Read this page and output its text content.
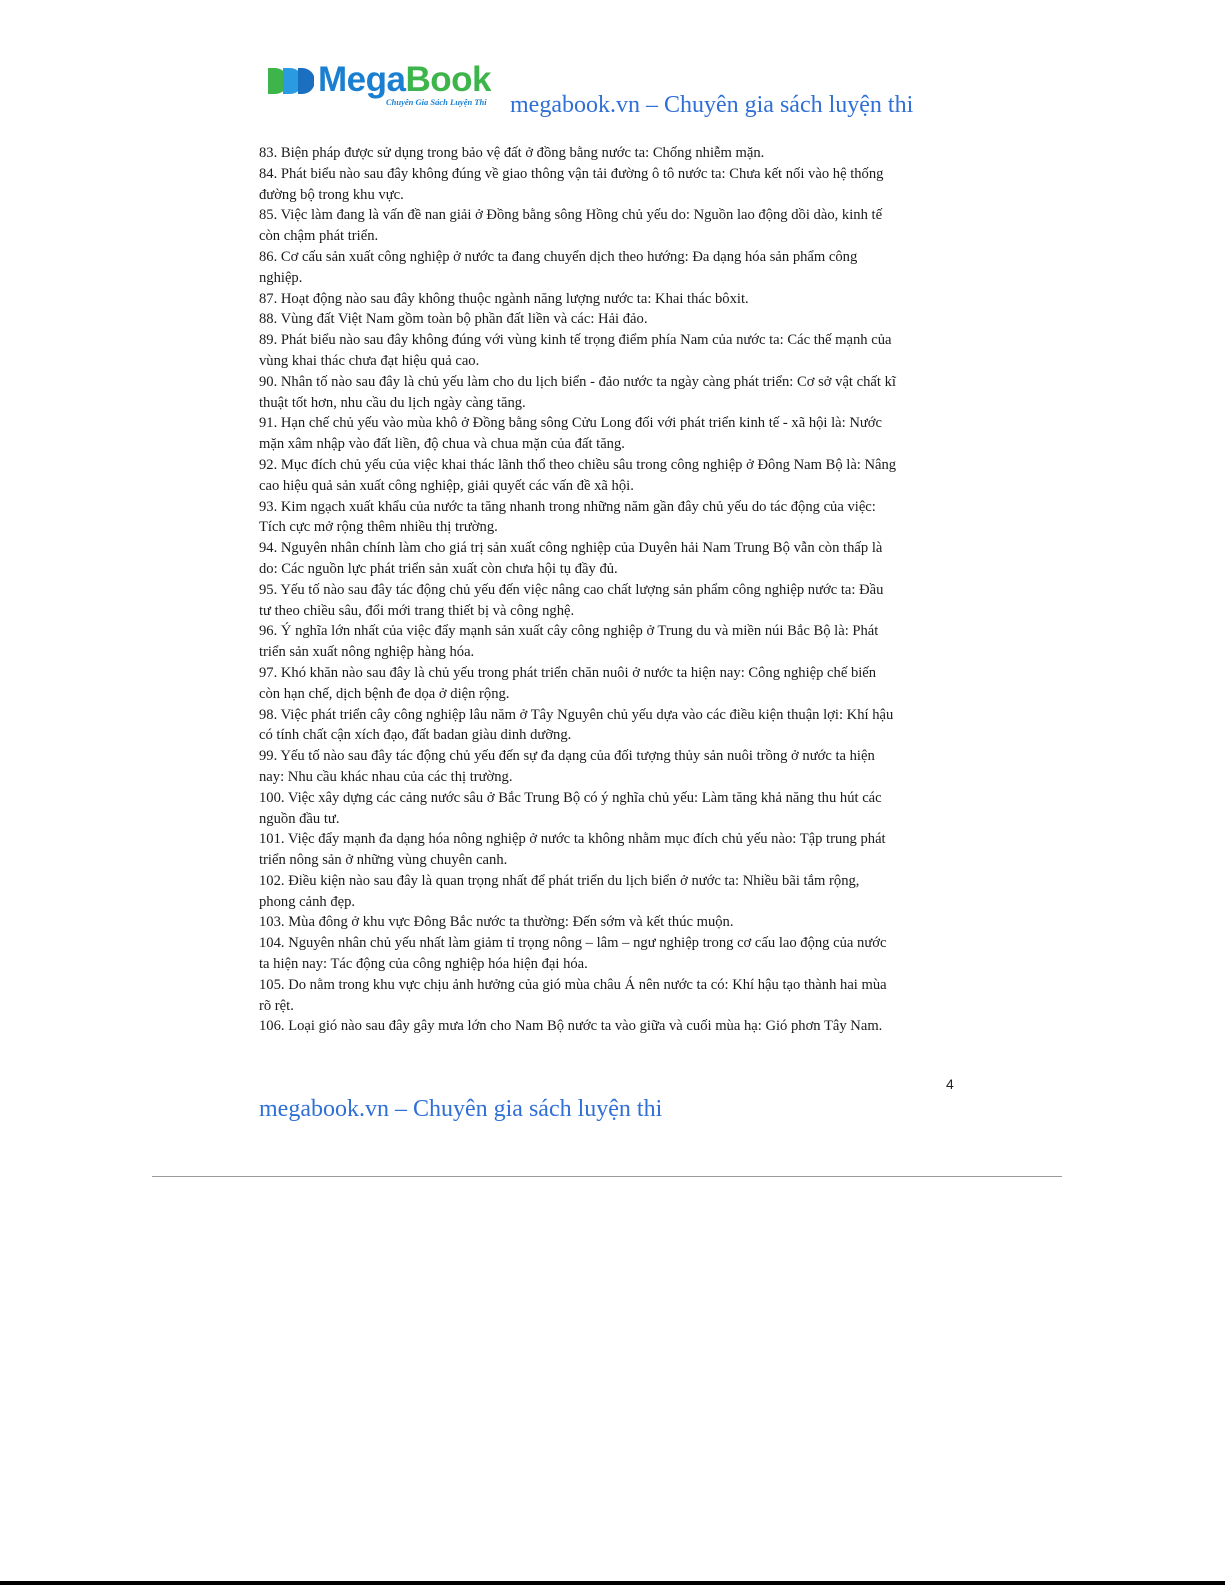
MegaBook
Chuyên Gia Sách Luyện Thi megabook.vn – Chuyên gia sách luyện thi

83. Biện pháp được sử dụng trong bảo vệ đất ở đồng bằng nước ta: Chống nhiễm mặn.

84. Phát biểu nào sau đây không đúng về giao thông vận tải đường ô tô nước ta: Chưa kết nối vào hệ thống đường bộ trong khu vực.

85. Việc làm đang là vấn đề nan giải ở Đồng bằng sông Hồng chủ yếu do: Nguồn lao động dồi dào, kinh tế còn chậm phát triển.

86. Cơ cấu sản xuất công nghiệp ở nước ta đang chuyển dịch theo hướng: Đa dạng hóa sản phẩm công nghiệp.

87. Hoạt động nào sau đây không thuộc ngành năng lượng nước ta: Khai thác bôxit.

88. Vùng đất Việt Nam gồm toàn bộ phần đất liền và các: Hải đảo.

89. Phát biểu nào sau đây không đúng với vùng kinh tế trọng điểm phía Nam của nước ta: Các thế mạnh của vùng khai thác chưa đạt hiệu quả cao.

90. Nhân tố nào sau đây là chủ yếu làm cho du lịch biển - đảo nước ta ngày càng phát triển: Cơ sở vật chất kĩ thuật tốt hơn, nhu cầu du lịch ngày càng tăng.

91. Hạn chế chủ yếu vào mùa khô ở Đồng bằng sông Cửu Long đối với phát triển kinh tế - xã hội là: Nước mặn xâm nhập vào đất liền, độ chua và chua mặn của đất tăng.

92. Mục đích chủ yếu của việc khai thác lãnh thổ theo chiều sâu trong công nghiệp ở Đông Nam Bộ là: Nâng cao hiệu quả sản xuất công nghiệp, giải quyết các vấn đề xã hội.

93. Kim ngạch xuất khẩu của nước ta tăng nhanh trong những năm gần đây chủ yếu do tác động của việc: Tích cực mở rộng thêm nhiều thị trường.

94. Nguyên nhân chính làm cho giá trị sản xuất công nghiệp của Duyên hải Nam Trung Bộ vẫn còn thấp là do: Các nguồn lực phát triển sản xuất còn chưa hội tụ đầy đủ.

95. Yếu tố nào sau đây tác động chủ yếu đến việc nâng cao chất lượng sản phẩm công nghiệp nước ta: Đầu tư theo chiều sâu, đổi mới trang thiết bị và công nghệ.

96. Ý nghĩa lớn nhất của việc đẩy mạnh sản xuất cây công nghiệp ở Trung du và miền núi Bắc Bộ là: Phát triển sản xuất nông nghiệp hàng hóa.

97. Khó khăn nào sau đây là chủ yếu trong phát triển chăn nuôi ở nước ta hiện nay: Công nghiệp chế biến còn hạn chế, dịch bệnh đe dọa ở diện rộng.

98. Việc phát triển cây công nghiệp lâu năm ở Tây Nguyên chủ yếu dựa vào các điều kiện thuận lợi: Khí hậu có tính chất cận xích đạo, đất badan giàu dinh dưỡng.

99. Yếu tố nào sau đây tác động chủ yếu đến sự đa dạng của đối tượng thủy sản nuôi trồng ở nước ta hiện nay: Nhu cầu khác nhau của các thị trường.

100. Việc xây dựng các cảng nước sâu ở Bắc Trung Bộ có ý nghĩa chủ yếu: Làm tăng khả năng thu hút các nguồn đầu tư.

101. Việc đẩy mạnh đa dạng hóa nông nghiệp ở nước ta không nhằm mục đích chủ yếu nào: Tập trung phát triển nông sản ở những vùng chuyên canh.

102. Điều kiện nào sau đây là quan trọng nhất để phát triển du lịch biển ở nước ta: Nhiều bãi tắm rộng, phong cảnh đẹp.

103. Mùa đông ở khu vực Đông Bắc nước ta thường: Đến sớm và kết thúc muộn.

104. Nguyên nhân chủ yếu nhất làm giảm tỉ trọng nông – lâm – ngư nghiệp trong cơ cấu lao động của nước ta hiện nay: Tác động của công nghiệp hóa hiện đại hóa.

105. Do nằm trong khu vực chịu ảnh hưởng của gió mùa châu Á nên nước ta có: Khí hậu tạo thành hai mùa rõ rệt.

106. Loại gió nào sau đây gây mưa lớn cho Nam Bộ nước ta vào giữa và cuối mùa hạ: Gió phơn Tây Nam.

4
megabook.vn – Chuyên gia sách luyện thi
